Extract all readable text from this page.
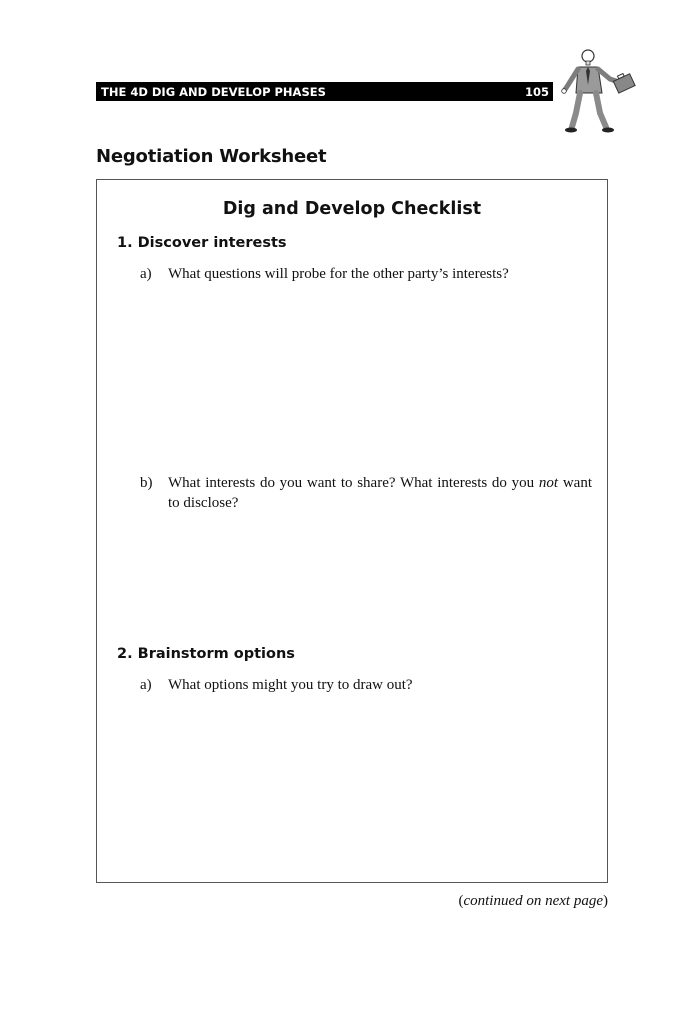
THE 4D DIG AND DEVELOP PHASES	105
Negotiation Worksheet
Dig and Develop Checklist
1. Discover interests
a) What questions will probe for the other party’s interests?
b) What interests do you want to share? What interests do you not want to disclose?
2. Brainstorm options
a) What options might you try to draw out?
(continued on next page)
